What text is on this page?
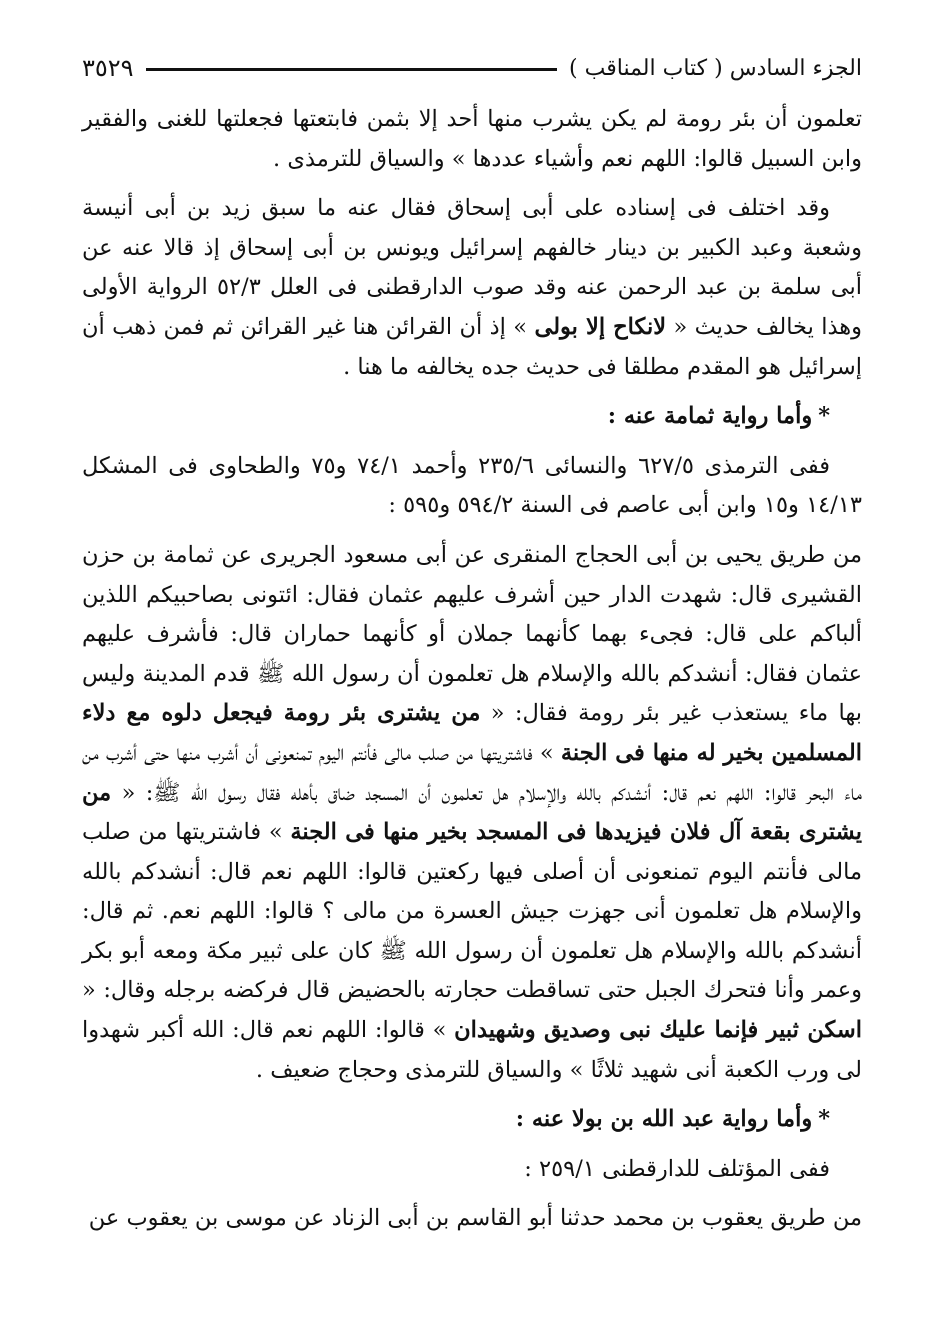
الجزء السادس ( كتاب المناقب )
٣٥٢٩

تعلمون أن بئر رومة لم يكن يشرب منها أحد إلا بثمن فابتعتها فجعلتها للغنى والفقير وابن السبيل قالوا: اللهم نعم وأشياء عددها » والسياق للترمذى .

وقد اختلف فى إسناده على أبى إسحاق فقال عنه ما سبق زيد بن أبى أنيسة وشعبة وعبد الكبير بن دينار خالفهم إسرائيل ويونس بن أبى إسحاق إذ قالا عنه عن أبى سلمة بن عبد الرحمن عنه وقد صوب الدارقطنى فى العلل ٥٢/٣ الرواية الأولى وهذا يخالف حديث « لانكاح إلا بولى » إذ أن القرائن هنا غير القرائن ثم فمن ذهب أن إسرائيل هو المقدم مطلقا فى حديث جده يخالفه ما هنا .

*وأما رواية ثمامة عنه :

ففى الترمذى ٦٢٧/٥ والنسائى ٢٣٥/٦ وأحمد ٧٤/١ و٧٥ والطحاوى فى المشكل ١٤/١٣ و١٥ وابن أبى عاصم فى السنة ٥٩٤/٢ و٥٩٥ :

من طريق يحيى بن أبى الحجاج المنقرى عن أبى مسعود الجريرى عن ثمامة بن حزن القشيرى قال: شهدت الدار حين أشرف عليهم عثمان فقال: ائتونى بصاحبيكم اللذين ألباكم على قال: فجىء بهما كأنهما جملان أو كأنهما حماران قال: فأشرف عليهم عثمان فقال: أنشدكم بالله والإسلام هل تعلمون أن رسول الله ﷺ قدم المدينة وليس بها ماء يستعذب غير بئر رومة فقال: « من يشترى بئر رومة فيجعل دلوه مع دلاء المسلمين بخير له منها فى الجنة » فاشتريتها من صلب مالى فأنتم اليوم تمنعونى أن أشرب منها حتى أشرب من ماء البحر قالوا: اللهم نعم قال: أنشدكم بالله والإسلام هل تعلمون أن المسجد ضاق بأهله فقال رسول الله ﷺ: « من يشترى بقعة آل فلان فيزيدها فى المسجد بخير منها فى الجنة » فاشتريتها من صلب مالى فأنتم اليوم تمنعونى أن أصلى فيها ركعتين قالوا: اللهم نعم قال: أنشدكم بالله والإسلام هل تعلمون أنى جهزت جيش العسرة من مالى ؟ قالوا: اللهم نعم. ثم قال: أنشدكم بالله والإسلام هل تعلمون أن رسول الله ﷺ كان على ثبير مكة ومعه أبو بكر وعمر وأنا فتحرك الجبل حتى تساقطت حجارته بالحضيض قال فركضه برجله وقال: « اسكن ثبير فإنما عليك نبى وصديق وشهيدان » قالوا: اللهم نعم قال: الله أكبر شهدوا لى ورب الكعبة أنى شهيد ثلاثًا » والسياق للترمذى وحجاج ضعيف .

*وأما رواية عبد الله بن بولا عنه :

ففى المؤتلف للدارقطنى ٢٥٩/١ :

من طريق يعقوب بن محمد حدثنا أبو القاسم بن أبى الزناد عن موسى بن يعقوب عن
